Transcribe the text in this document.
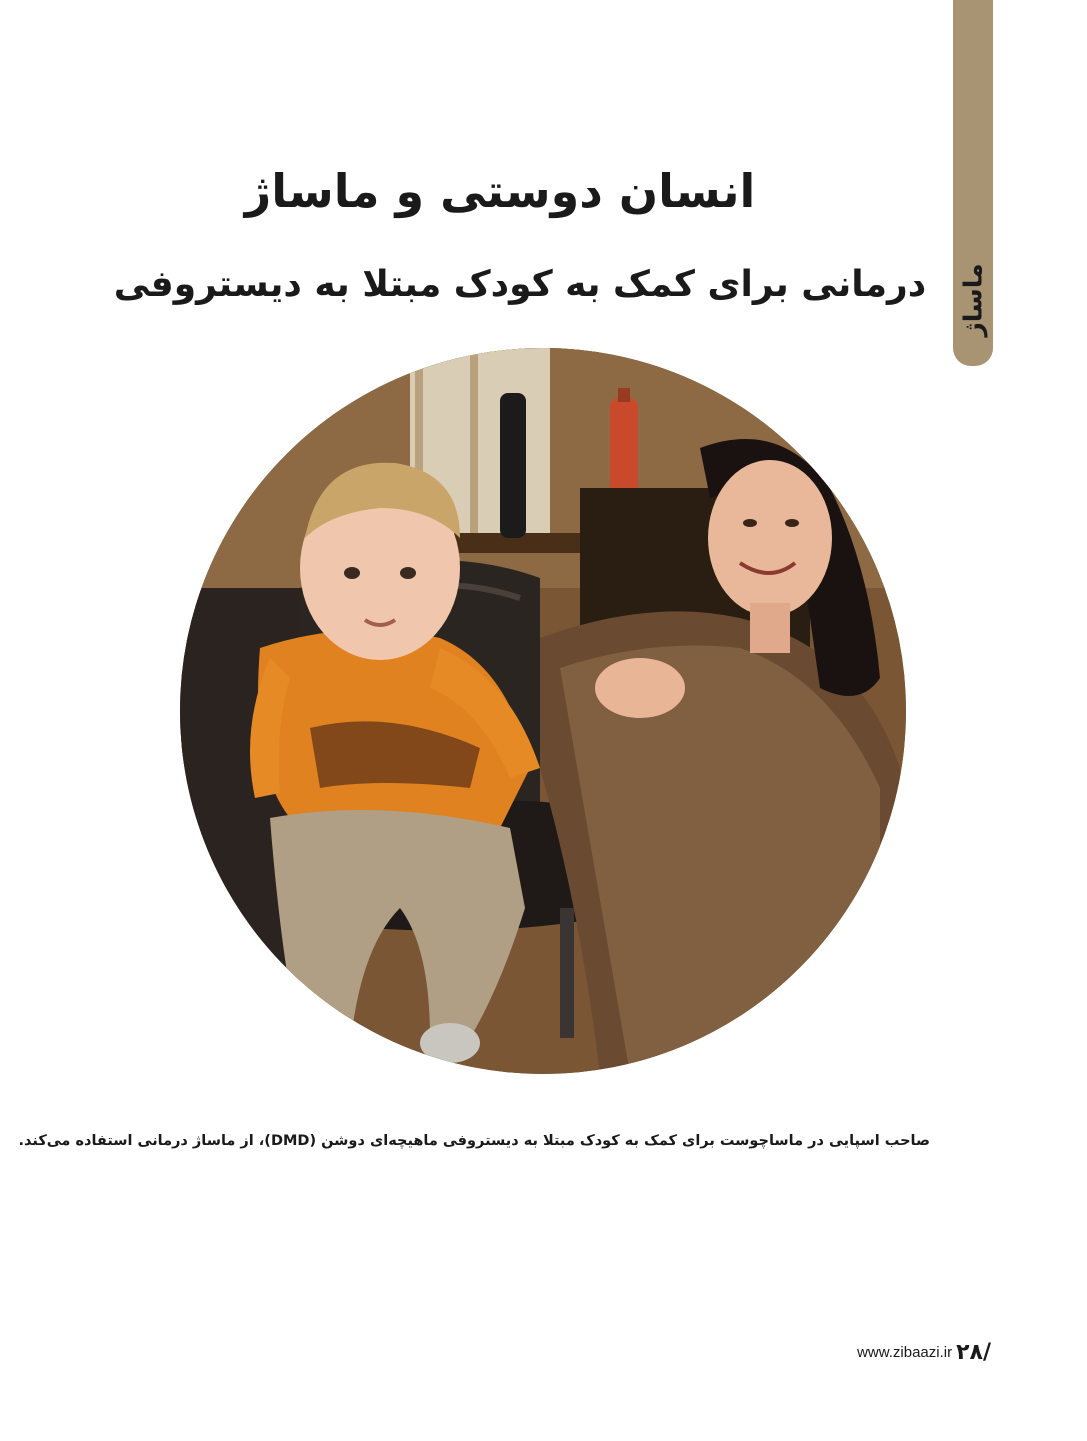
ماساژ
انسان دوستی و ماساژ
درمانی برای کمک به کودک مبتلا به دیستروفی

صاحب اسپایی در ماساچوست برای کمک به کودک مبتلا به دیستروفی ماهیچه‌ای دوشن (DMD)، از ماساژ درمانی استفاده می‌کند.

www.zibaazi.ir /۲۸
